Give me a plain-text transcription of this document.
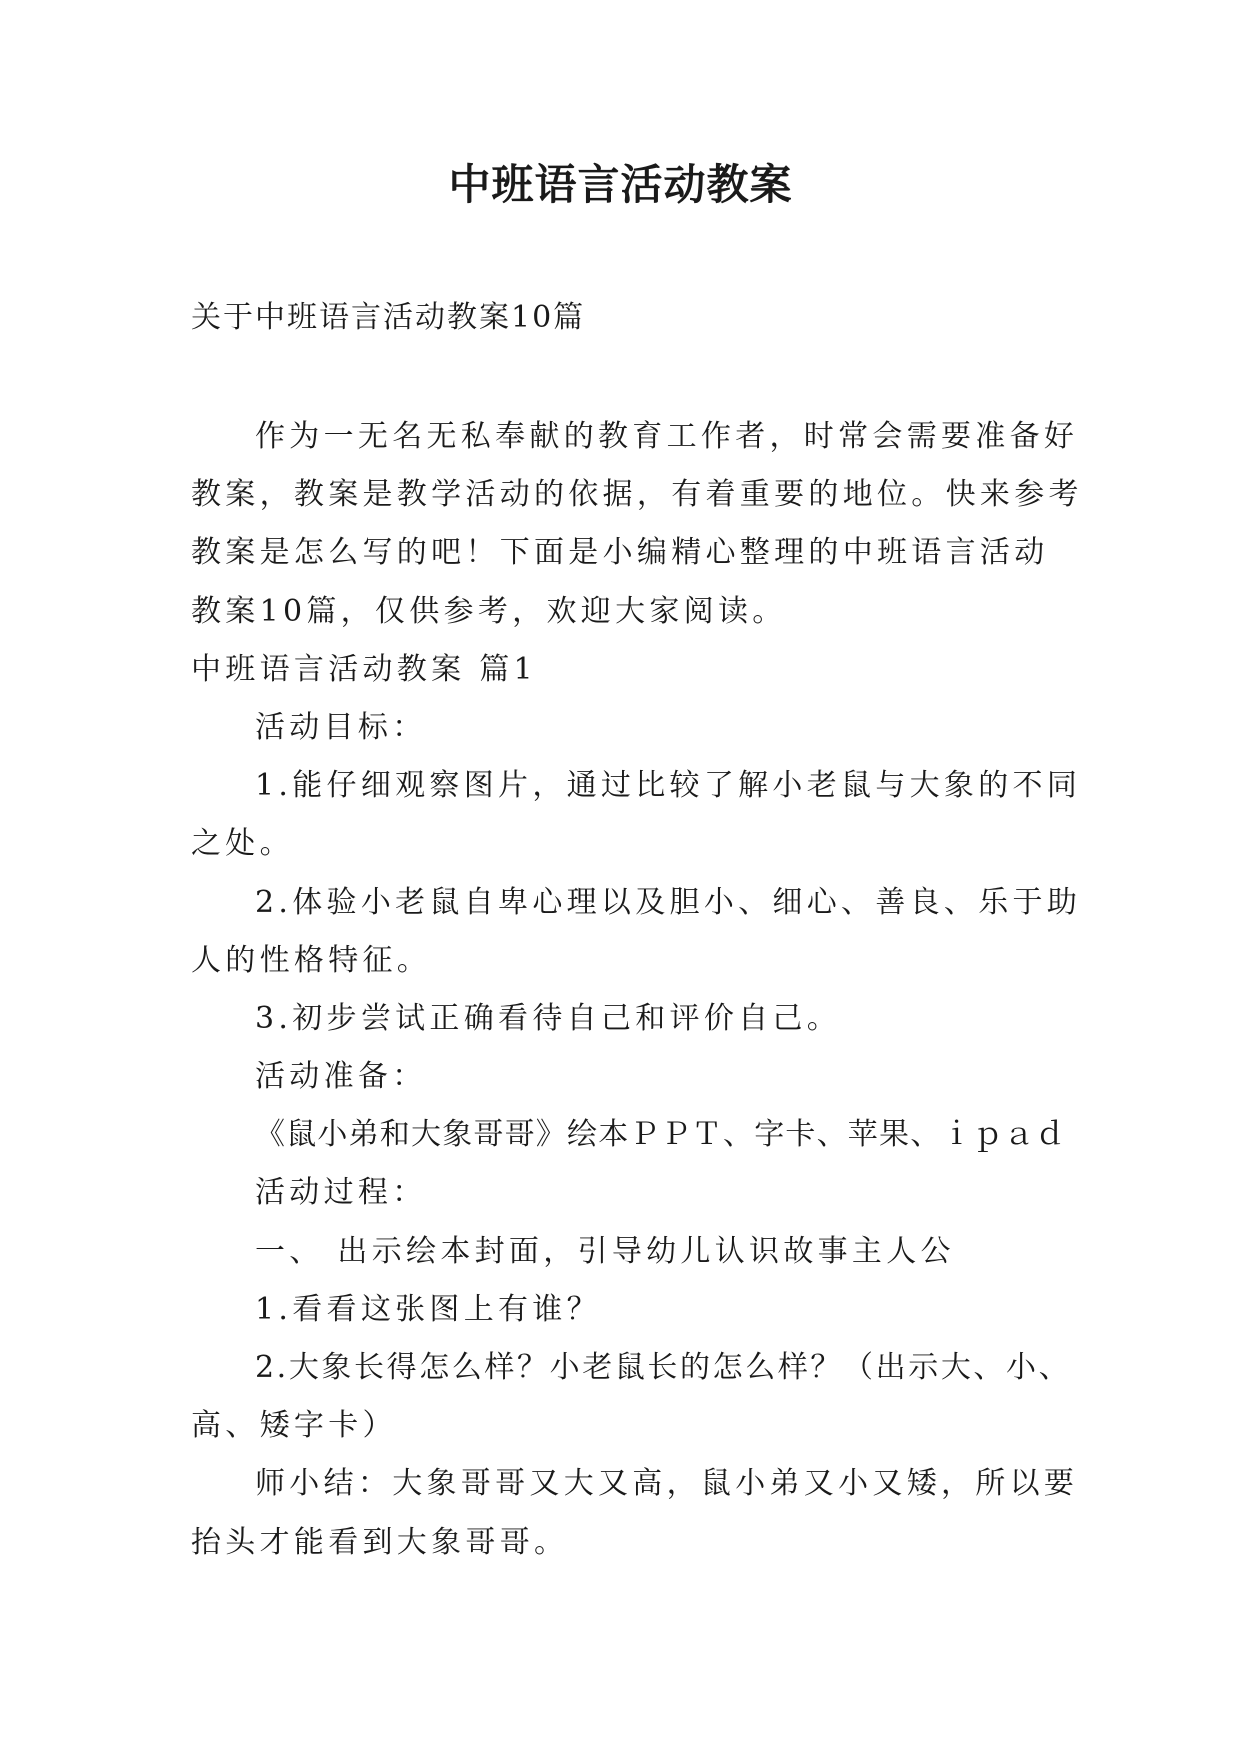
中班语言活动教案
关于中班语言活动教案10篇
作为一无名无私奉献的教育工作者，时常会需要准备好
教案，教案是教学活动的依据，有着重要的地位。快来参考
教案是怎么写的吧！下面是小编精心整理的中班语言活动
教案10篇，仅供参考，欢迎大家阅读。
中班语言活动教案 篇1
活动目标：
1.能仔细观察图片，通过比较了解小老鼠与大象的不同
之处。
2.体验小老鼠自卑心理以及胆小、细心、善良、乐于助
人的性格特征。
3.初步尝试正确看待自己和评价自己。
活动准备：
《鼠小弟和大象哥哥》绘本ＰＰＴ、字卡、苹果、ｉｐａｄ
活动过程：
一、 出示绘本封面，引导幼儿认识故事主人公
1.看看这张图上有谁？
2.大象长得怎么样？小老鼠长的怎么样？（出示大、小、
高、矮字卡）
师小结：大象哥哥又大又高，鼠小弟又小又矮，所以要
抬头才能看到大象哥哥。
